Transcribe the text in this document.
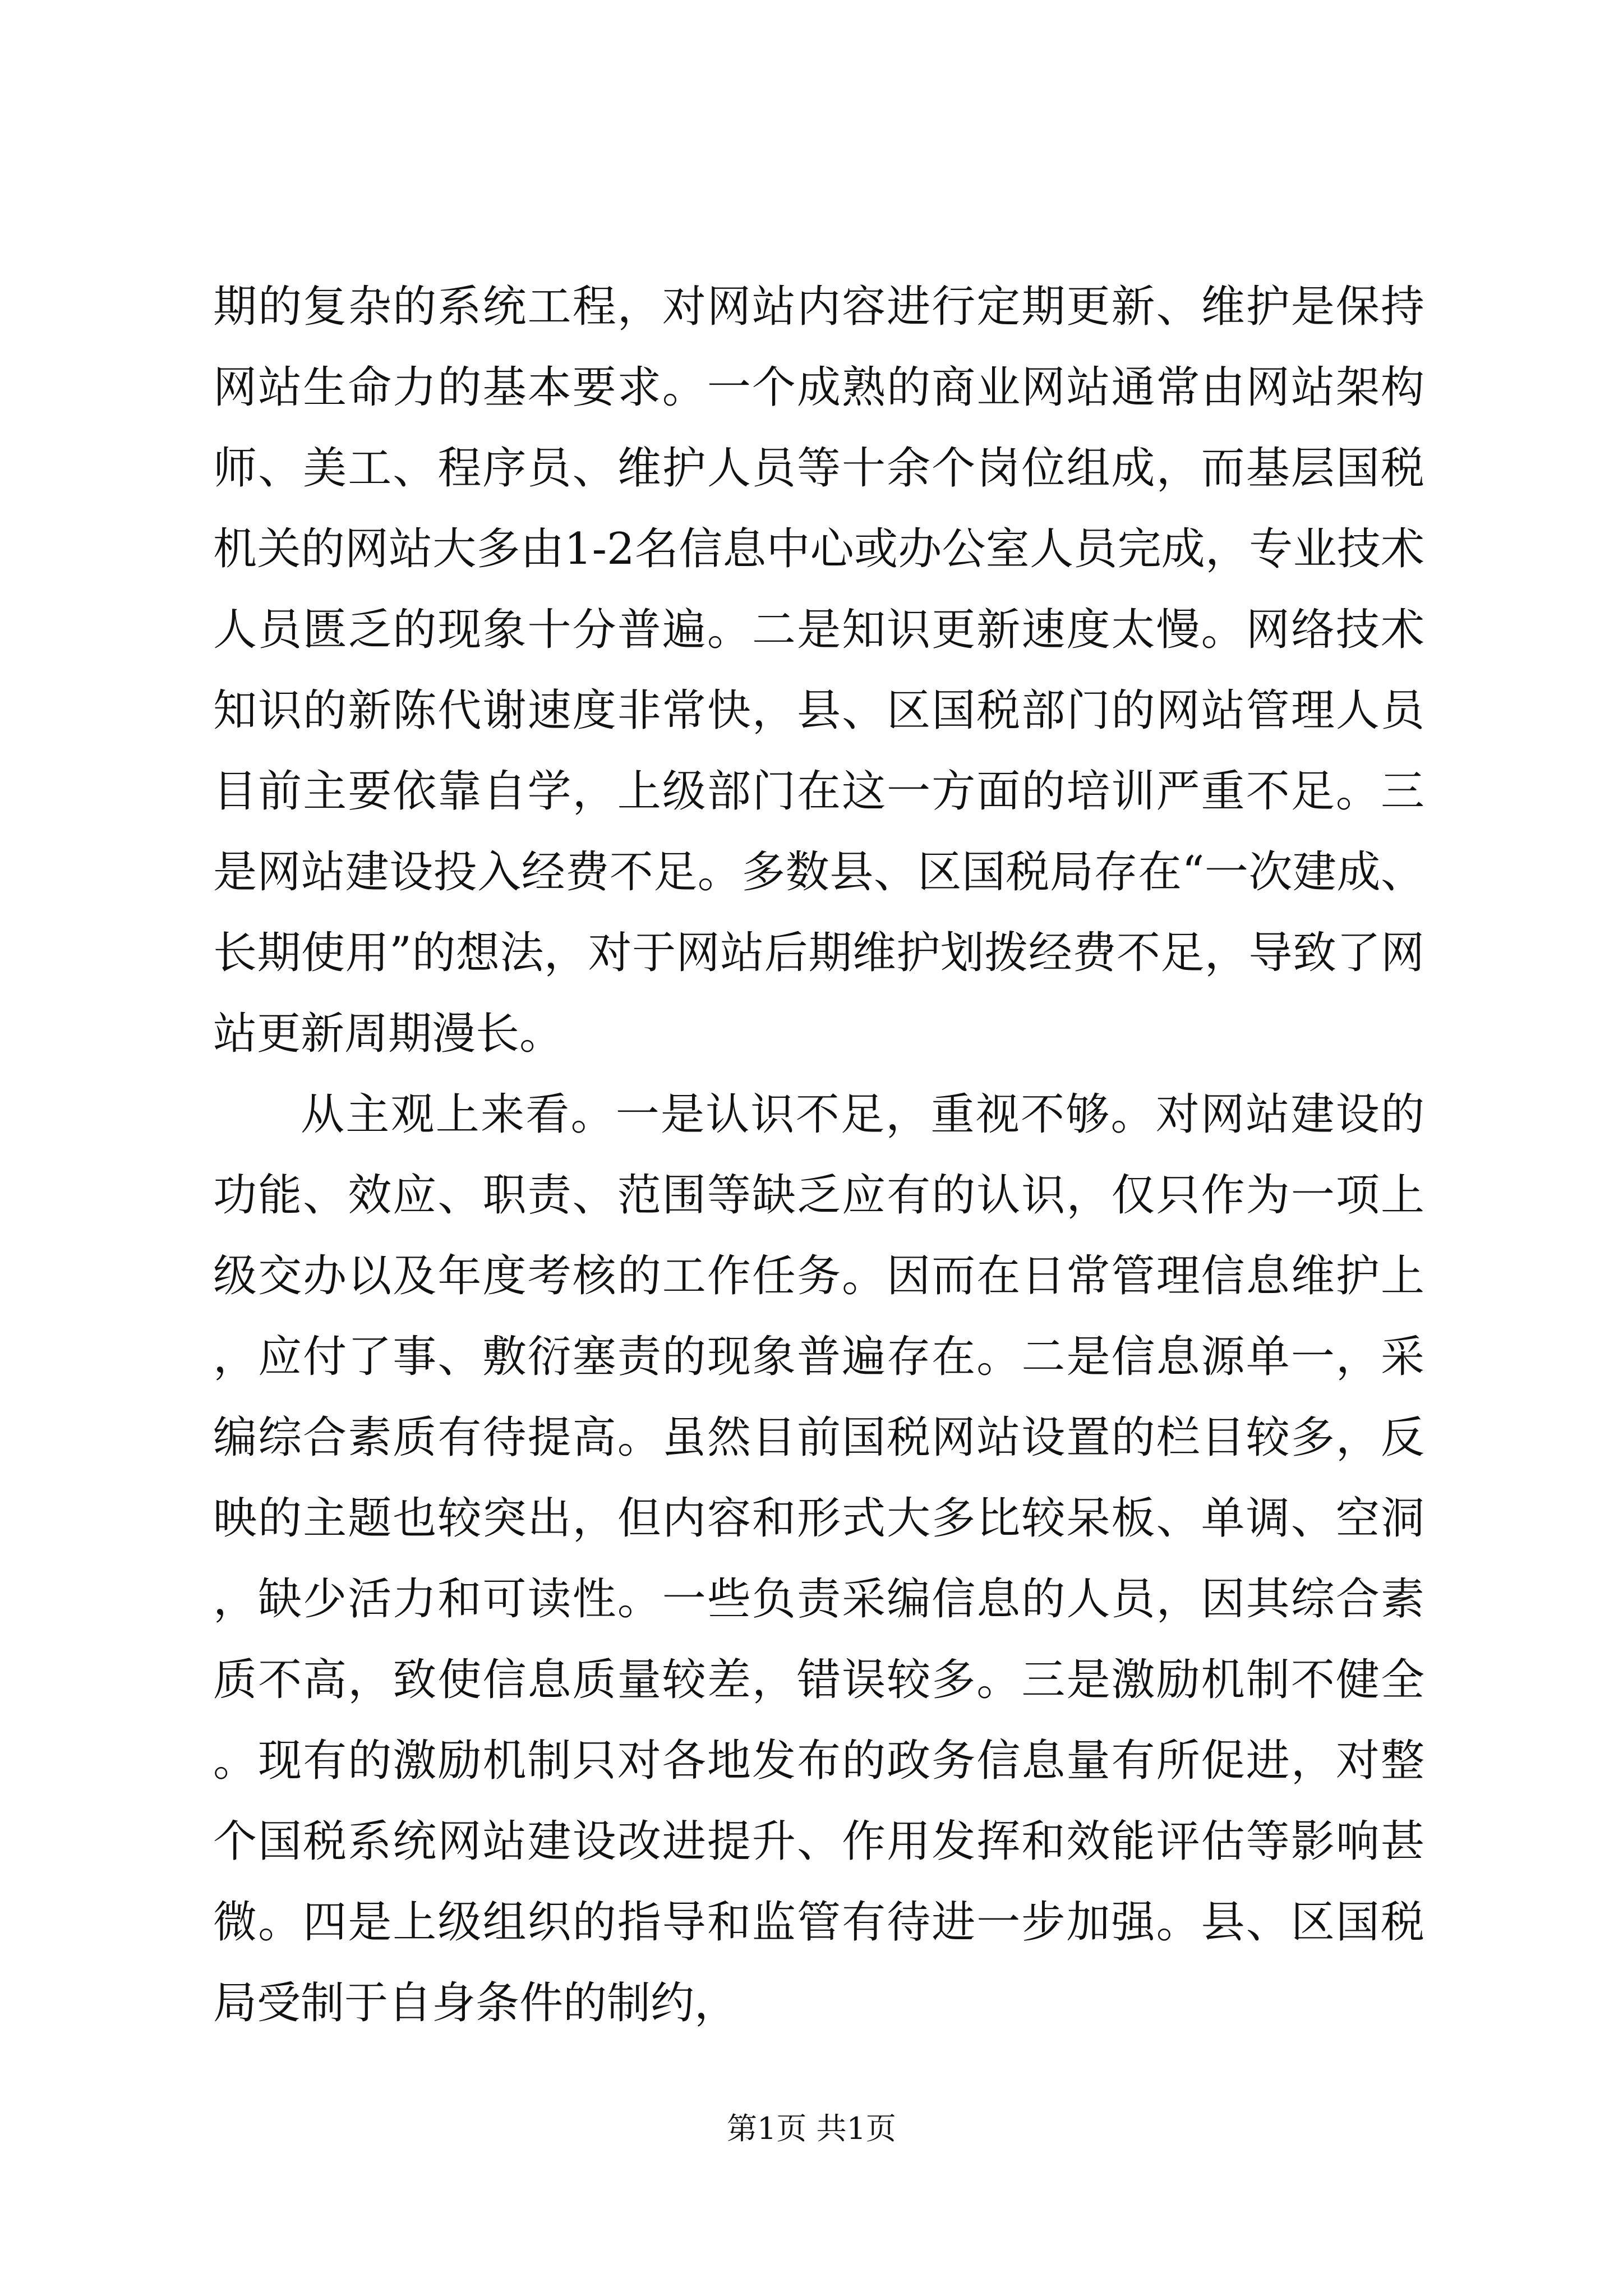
期的复杂的系统工程，对网站内容进行定期更新、维护是保持网站生命力的基本要求。一个成熟的商业网站通常由网站架构师、美工、程序员、维护人员等十余个岗位组成，而基层国税机关的网站大多由1-2名信息中心或办公室人员完成，专业技术人员匮乏的现象十分普遍。二是知识更新速度太慢。网络技术知识的新陈代谢速度非常快，县、区国税部门的网站管理人员目前主要依靠自学，上级部门在这一方面的培训严重不足。三是网站建设投入经费不足。多数县、区国税局存在“一次建成、长期使用”的想法，对于网站后期维护划拨经费不足，导致了网站更新周期漫长。

从主观上来看。一是认识不足，重视不够。对网站建设的功能、效应、职责、范围等缺乏应有的认识，仅只作为一项上级交办以及年度考核的工作任务。因而在日常管理信息维护上，应付了事、敷衍塞责的现象普遍存在。二是信息源单一，采编综合素质有待提高。虽然目前国税网站设置的栏目较多，反映的主题也较突出，但内容和形式大多比较呆板、单调、空洞，缺少活力和可读性。一些负责采编信息的人员，因其综合素质不高，致使信息质量较差，错误较多。三是激励机制不健全。现有的激励机制只对各地发布的政务信息量有所促进，对整个国税系统网站建设改进提升、作用发挥和效能评估等影响甚微。四是上级组织的指导和监管有待进一步加强。县、区国税局受制于自身条件的制约，

第1页 共1页
